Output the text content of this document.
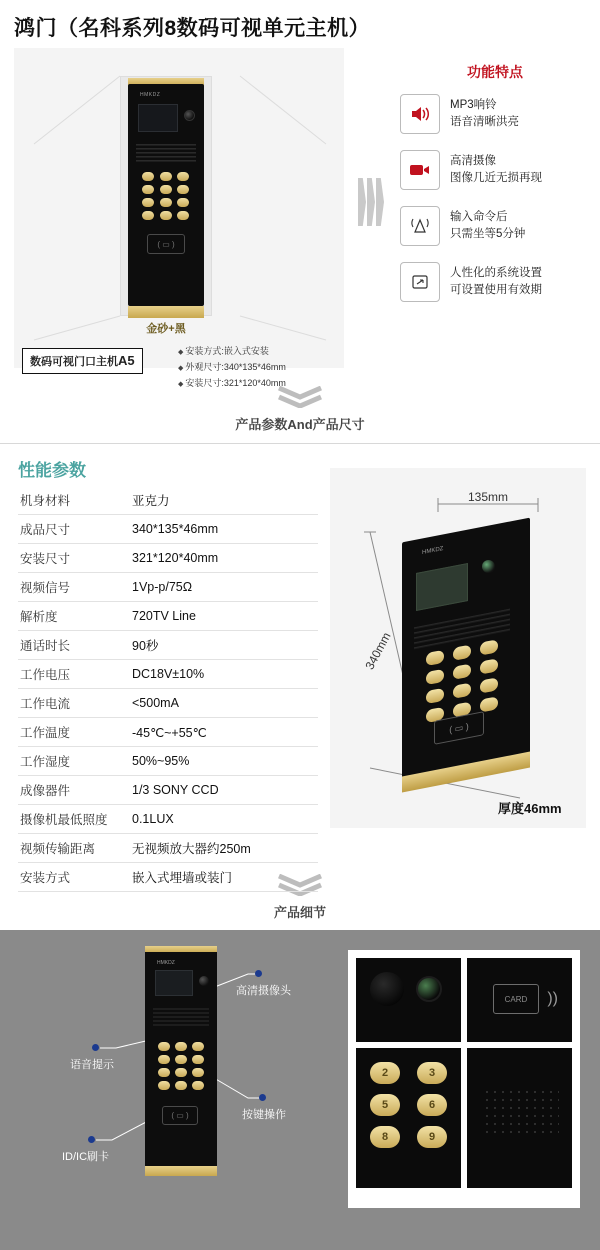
鸿门（名科系列8数码可视单元主机）
HMKDZ
( ▭ )
金砂+黑
数码可视门口主机A5
◆ 安装方式:嵌入式安装
◆ 外观尺寸:340*135*46mm
◆ 安装尺寸:321*120*40mm
功能特点
MP3响铃
语音清晰洪亮
高清摄像
图像几近无损再现
输入命令后
只需坐等5分钟
人性化的系统设置
可设置使用有效期
产品参数And产品尺寸
性能参数
机身材料	亚克力
成品尺寸	340*135*46mm
安装尺寸	321*120*40mm
视频信号	1Vp-p/75Ω
解析度	720TV Line
通话时长	90秒
工作电压	DC18V±10%
工作电流	<500mA
工作温度	-45℃~+55℃
工作湿度	50%~95%
成像器件	1/3 SONY CCD
摄像机最低照度	0.1LUX
视频传输距离	无视频放大器约250m
安装方式	嵌入式埋墙或装门
HMKDZ
( ▭ )
135mm
340mm
厚度46mm
产品细节
HMKDZ
( ▭ )
高清摄像头
语音提示
按键操作
ID/IC刷卡
CARD	))
2	3
5	6
8	9
